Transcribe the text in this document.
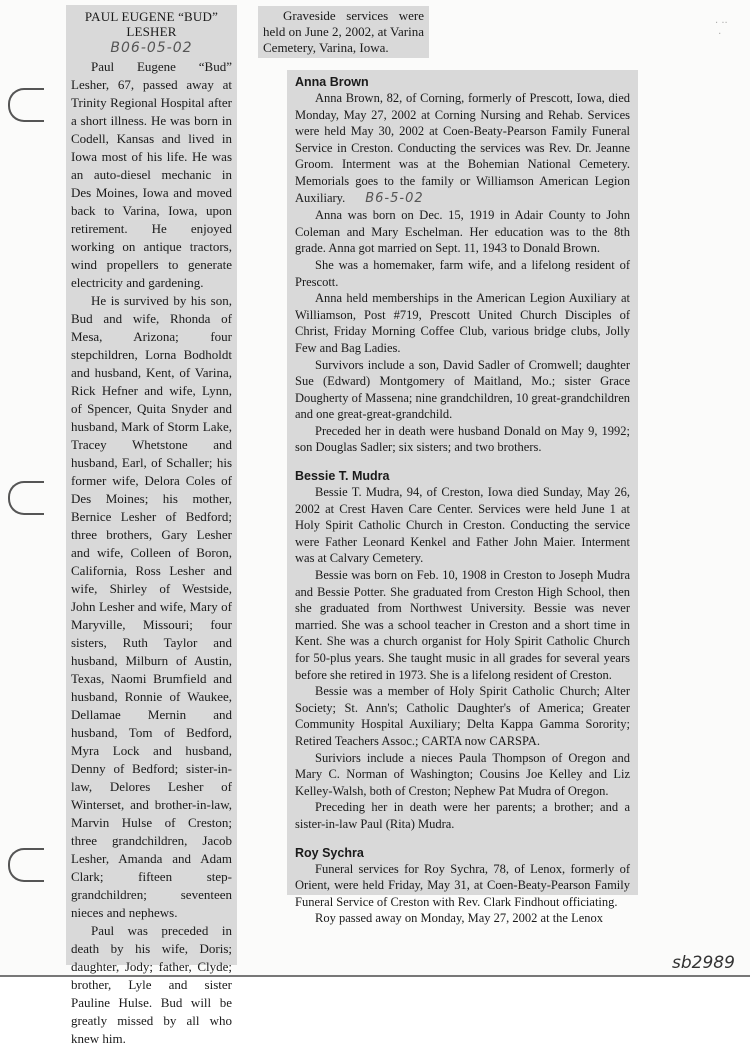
· ··
·
PAUL EUGENE “BUD”
LESHER
B06-05-02

Paul Eugene “Bud” Lesher, 67, passed away at Trinity Regional Hospital after a short illness. He was born in Codell, Kansas and lived in Iowa most of his life. He was an auto-diesel mechanic in Des Moines, Iowa and moved back to Varina, Iowa, upon retirement. He enjoyed working on antique tractors, wind propellers to generate electricity and gardening.

He is survived by his son, Bud and wife, Rhonda of Mesa, Arizona; four stepchildren, Lorna Bodholdt and husband, Kent, of Varina, Rick Hefner and wife, Lynn, of Spencer, Quita Snyder and husband, Mark of Storm Lake, Tracey Whetstone and husband, Earl, of Schaller; his former wife, Delora Coles of Des Moines; his mother, Bernice Lesher of Bedford; three brothers, Gary Lesher and wife, Colleen of Boron, California, Ross Lesher and wife, Shirley of Westside, John Lesher and wife, Mary of Maryville, Missouri; four sisters, Ruth Taylor and husband, Milburn of Austin, Texas, Naomi Brumfield and husband, Ronnie of Waukee, Dellamae Mernin and husband, Tom of Bedford, Myra Lock and husband, Denny of Bedford; sister-in-law, Delores Lesher of Winterset, and brother-in-law, Marvin Hulse of Creston; three grandchildren, Jacob Lesher, Amanda and Adam Clark; fifteen step-grandchildren; seventeen nieces and nephews.

Paul was preceded in death by his wife, Doris; daughter, Jody; father, Clyde; brother, Lyle and sister Pauline Hulse. Bud will be greatly missed by all who knew him.

Graveside services were held on June 2, 2002, at Varina Cemetery, Varina, Iowa.

Anna Brown

Anna Brown, 82, of Corning, formerly of Prescott, Iowa, died Monday, May 27, 2002 at Corning Nursing and Rehab. Services were held May 30, 2002 at Coen-Beaty-Pearson Family Funeral Service in Creston. Conducting the services was Rev. Dr. Jeanne Groom. Interment was at the Bohemian National Cemetery. Memorials goes to the family or Williamson American Legion Auxiliary. B6-5-02

Anna was born on Dec. 15, 1919 in Adair County to John Coleman and Mary Eschelman. Her education was to the 8th grade. Anna got married on Sept. 11, 1943 to Donald Brown.

She was a homemaker, farm wife, and a lifelong resident of Prescott.

Anna held memberships in the American Legion Auxiliary at Williamson, Post #719, Prescott United Church Disciples of Christ, Friday Morning Coffee Club, various bridge clubs, Jolly Few and Bag Ladies.

Survivors include a son, David Sadler of Cromwell; daughter Sue (Edward) Montgomery of Maitland, Mo.; sister Grace Dougherty of Massena; nine grandchildren, 10 great-grandchildren and one great-great-grandchild.

Preceded her in death were husband Donald on May 9, 1992; son Douglas Sadler; six sisters; and two brothers.

Bessie T. Mudra

Bessie T. Mudra, 94, of Creston, Iowa died Sunday, May 26, 2002 at Crest Haven Care Center. Services were held June 1 at Holy Spirit Catholic Church in Creston. Conducting the service were Father Leonard Kenkel and Father John Maier. Interment was at Calvary Cemetery.

Bessie was born on Feb. 10, 1908 in Creston to Joseph Mudra and Bessie Potter. She graduated from Creston High School, then she graduated from Northwest University. Bessie was never married. She was a school teacher in Creston and a short time in Kent. She was a church organist for Holy Spirit Catholic Church for 50-plus years. She taught music in all grades for several years before she retired in 1973. She is a lifelong resident of Creston.

Bessie was a member of Holy Spirit Catholic Church; Alter Society; St. Ann's; Catholic Daughter's of America; Greater Community Hospital Auxiliary; Delta Kappa Gamma Sorority; Retired Teachers Assoc.; CARTA now CARSPA.

Suriviors include a nieces Paula Thompson of Oregon and Mary C. Norman of Washington; Cousins Joe Kelley and Liz Kelley-Walsh, both of Creston; Nephew Pat Mudra of Oregon.

Preceding her in death were her parents; a brother; and a sister-in-law Paul (Rita) Mudra.

Roy Sychra

Funeral services for Roy Sychra, 78, of Lenox, formerly of Orient, were held Friday, May 31, at Coen-Beaty-Pearson Family Funeral Service of Creston with Rev. Clark Findhout officiating.

Roy passed away on Monday, May 27, 2002 at the Lenox

sb2989
